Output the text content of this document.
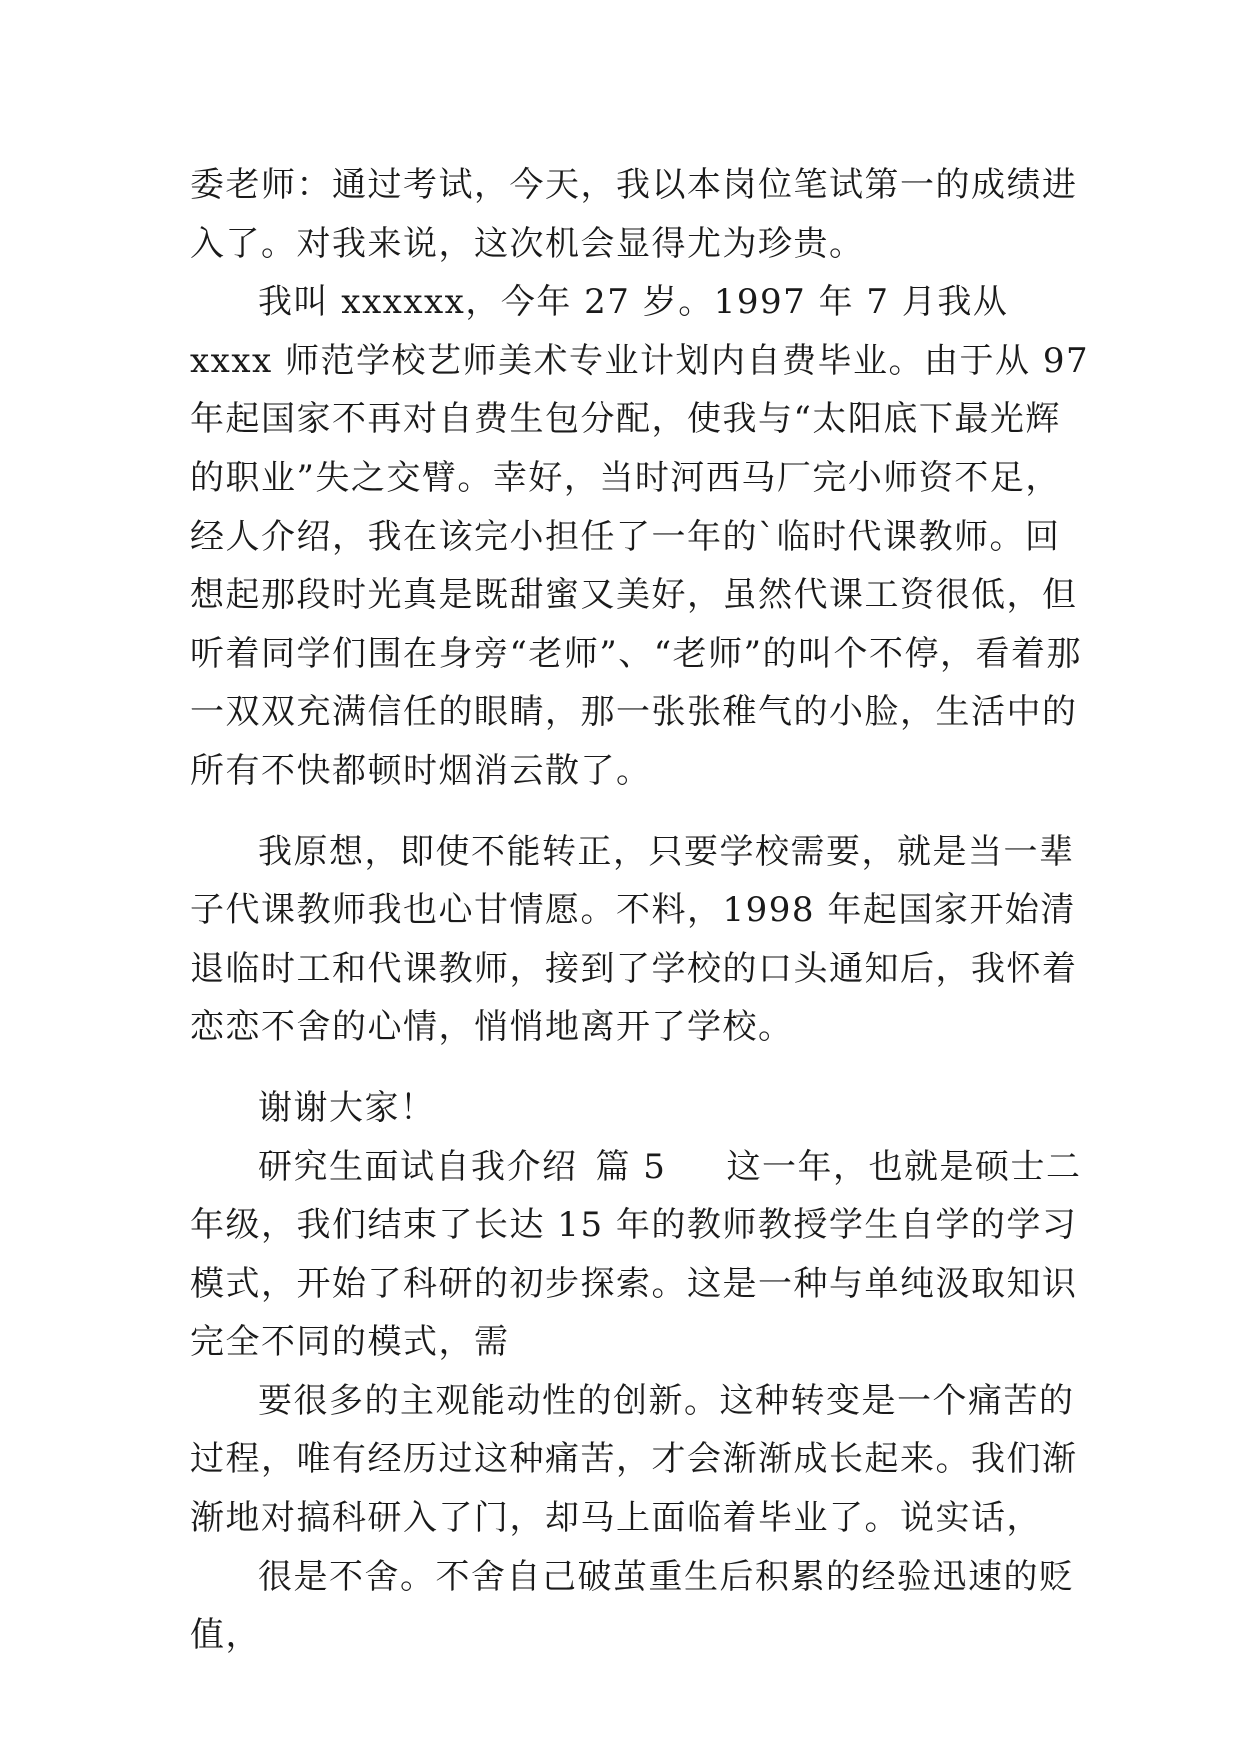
委老师：通过考试，今天，我以本岗位笔试第一的成绩进入了。对我来说，这次机会显得尤为珍贵。

我叫 xxxxxx，今年 27 岁。1997 年 7 月我从 xxxx 师范学校艺师美术专业计划内自费毕业。由于从 97 年起国家不再对自费生包分配，使我与“太阳底下最光辉的职业”失之交臂。幸好，当时河西马厂完小师资不足，经人介绍，我在该完小担任了一年的`临时代课教师。回想起那段时光真是既甜蜜又美好，虽然代课工资很低，但听着同学们围在身旁“老师”、“老师”的叫个不停，看着那一双双充满信任的眼睛，那一张张稚气的小脸，生活中的所有不快都顿时烟消云散了。

我原想，即使不能转正，只要学校需要，就是当一辈子代课教师我也心甘情愿。不料，1998 年起国家开始清退临时工和代课教师，接到了学校的口头通知后，我怀着恋恋不舍的心情，悄悄地离开了学校。

谢谢大家！

研究生面试自我介绍 篇 5 这一年，也就是硕士二年级，我们结束了长达 15 年的教师教授学生自学的学习模式，开始了科研的初步探索。这是一种与单纯汲取知识完全不同的模式，需

要很多的主观能动性的创新。这种转变是一个痛苦的过程，唯有经历过这种痛苦，才会渐渐成长起来。我们渐渐地对搞科研入了门，却马上面临着毕业了。说实话，

很是不舍。不舍自己破茧重生后积累的经验迅速的贬值，
